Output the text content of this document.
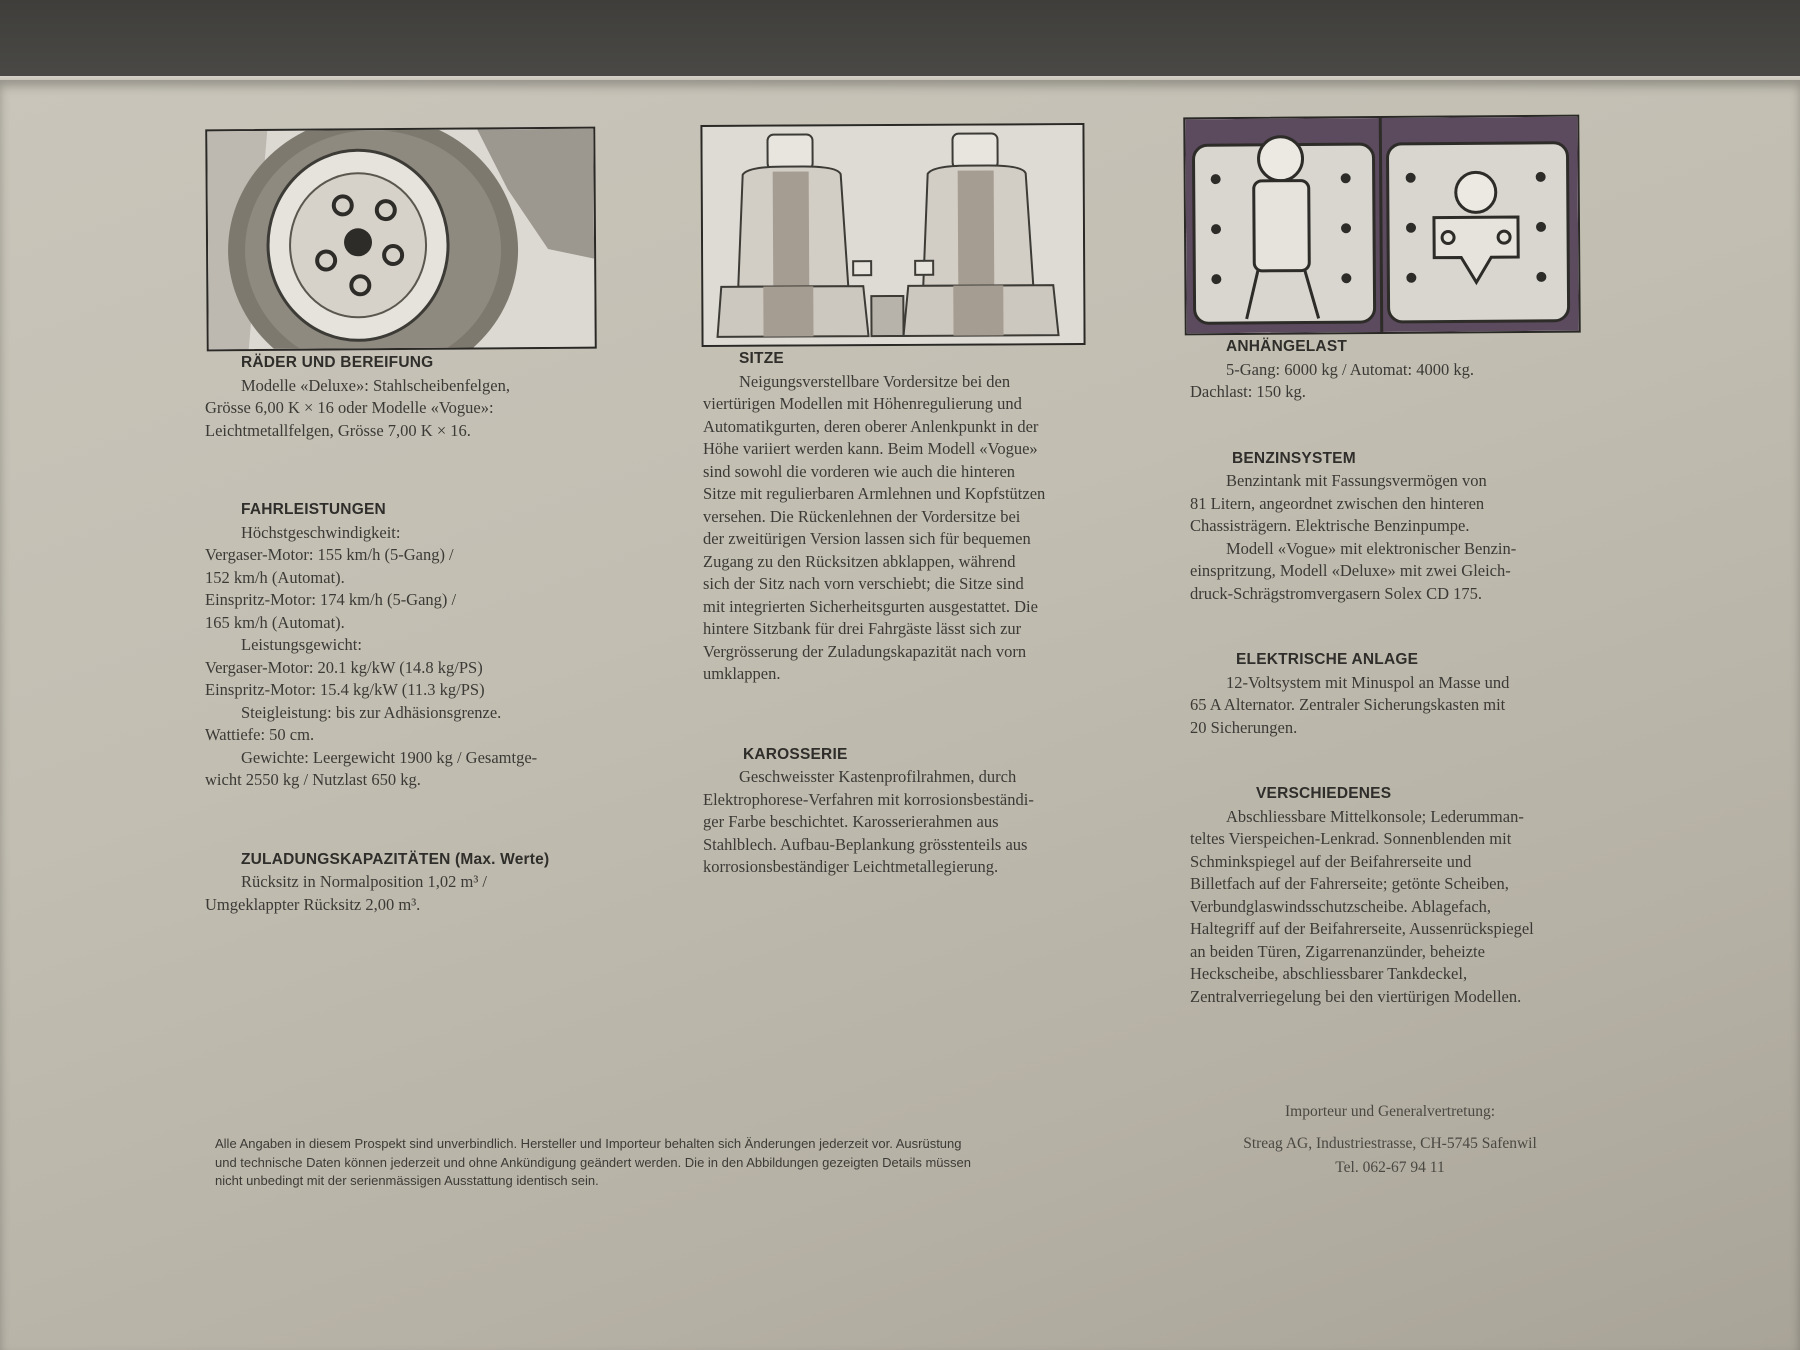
RÄDER UND BEREIFUNG

Modelle «Deluxe»: Stahlscheibenfelgen,

Grösse 6,00 K × 16 oder Modelle «Vogue»:

Leichtmetallfelgen, Grösse 7,00 K × 16.

FAHRLEISTUNGEN

Höchstgeschwindigkeit:

Vergaser-Motor: 155 km/h (5-Gang) /

152 km/h (Automat).

Einspritz-Motor: 174 km/h (5-Gang) /

165 km/h (Automat).

Leistungsgewicht:

Vergaser-Motor: 20.1 kg/kW (14.8 kg/PS)

Einspritz-Motor: 15.4 kg/kW (11.3 kg/PS)

Steigleistung: bis zur Adhäsionsgrenze.

Wattiefe: 50 cm.

Gewichte: Leergewicht 1900 kg / Gesamtge-

wicht 2550 kg / Nutzlast 650 kg.

ZULADUNGSKAPAZITÄTEN (Max. Werte)

Rücksitz in Normalposition 1,02 m³ /

Umgeklappter Rücksitz 2,00 m³.

SITZE

Neigungsverstellbare Vordersitze bei den

viertürigen Modellen mit Höhenregulierung und

Automatikgurten, deren oberer Anlenkpunkt in der

Höhe variiert werden kann. Beim Modell «Vogue»

sind sowohl die vorderen wie auch die hinteren

Sitze mit regulierbaren Armlehnen und Kopfstützen

versehen. Die Rückenlehnen der Vordersitze bei

der zweitürigen Version lassen sich für bequemen

Zugang zu den Rücksitzen abklappen, während

sich der Sitz nach vorn verschiebt; die Sitze sind

mit integrierten Sicherheitsgurten ausgestattet. Die

hintere Sitzbank für drei Fahrgäste lässt sich zur

Vergrösserung der Zuladungskapazität nach vorn

umklappen.

KAROSSERIE

Geschweisster Kastenprofilrahmen, durch

Elektrophorese-Verfahren mit korrosionsbeständi-

ger Farbe beschichtet. Karosserierahmen aus

Stahlblech. Aufbau-Beplankung grösstenteils aus

korrosionsbeständiger Leichtmetallegierung.

ANHÄNGELAST

5-Gang: 6000 kg / Automat: 4000 kg.

Dachlast: 150 kg.

BENZINSYSTEM

Benzintank mit Fassungsvermögen von

81 Litern, angeordnet zwischen den hinteren

Chassisträgern. Elektrische Benzinpumpe.

Modell «Vogue» mit elektronischer Benzin-

einspritzung, Modell «Deluxe» mit zwei Gleich-

druck-Schrägstromvergasern Solex CD 175.

ELEKTRISCHE ANLAGE

12-Voltsystem mit Minuspol an Masse und

65 A Alternator. Zentraler Sicherungskasten mit

20 Sicherungen.

VERSCHIEDENES

Abschliessbare Mittelkonsole; Lederumman-

teltes Vierspeichen-Lenkrad. Sonnenblenden mit

Schminkspiegel auf der Beifahrerseite und

Billetfach auf der Fahrerseite; getönte Scheiben,

Verbundglaswindsschutzscheibe. Ablagefach,

Haltegriff auf der Beifahrerseite, Aussenrückspiegel

an beiden Türen, Zigarrenanzünder, beheizte

Heckscheibe, abschliessbarer Tankdeckel,

Zentralverriegelung bei den viertürigen Modellen.

Alle Angaben in diesem Prospekt sind unverbindlich. Hersteller und Importeur behalten sich Änderungen jederzeit vor. Ausrüstung
und technische Daten können jederzeit und ohne Ankündigung geändert werden. Die in den Abbildungen gezeigten Details müssen
nicht unbedingt mit der serienmässigen Ausstattung identisch sein.

Importeur und Generalvertretung:

Streag AG, Industriestrasse, CH-5745 Safenwil

Tel. 062-67 94 11
